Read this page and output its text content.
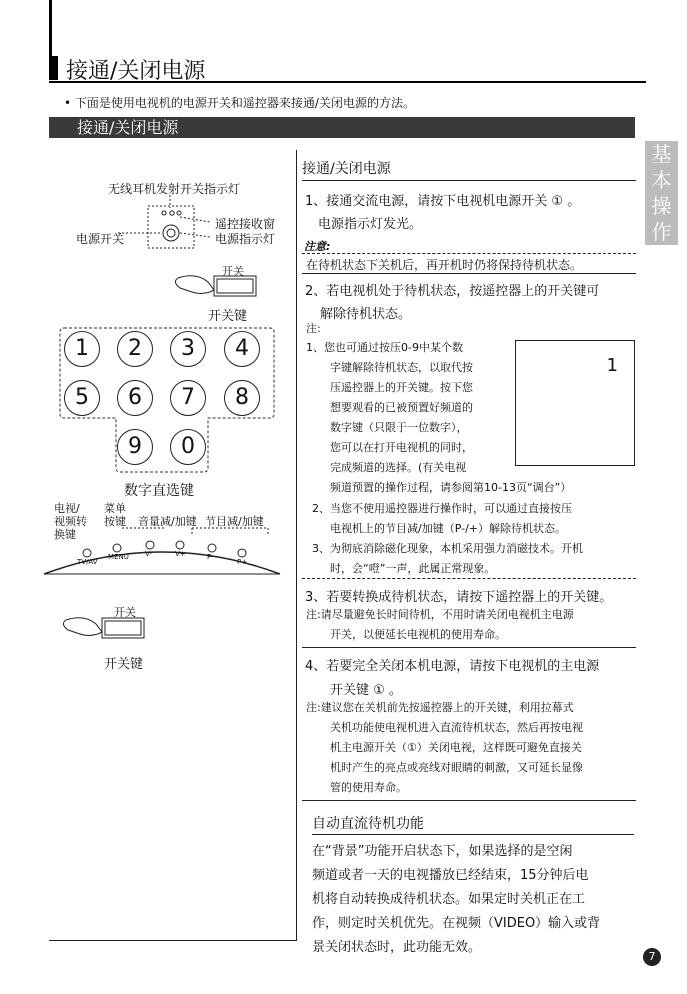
接通/关闭电源
• 下面是使用电视机的电源开关和遥控器来接通/关闭电源的方法。
接通/关闭电源
基
本
操
作
无线耳机发射开关指示灯
遥控接收窗
电源指示灯
电源开关
开关
开关键
1	2	3	4
5	6	7	8
9	0
数字直选键
电视/
视频转
换键
菜单
按键 音量减/加键 节目减/加键
TV/AV
MENU V-	V+	P-
P+
开关
开关键
接通/关闭电源
1、接通交流电源，请按下电视机电源开关 ① 。
电源指示灯发光。
注意:
在待机状态下关机后，再开机时仍将保持待机状态。
2、若电视机处于待机状态，按遥控器上的开关键可
解除待机状态。
注:
1、您也可通过按压0-9中某个数
字键解除待机状态，以取代按
压遥控器上的开关键。按下您
想要观看的已被预置好频道的
数字键（只限于一位数字），
您可以在打开电视机的同时，
完成频道的选择。(有关电视
频道预置的操作过程，请参阅第10-13页“调台”）
1
2、当您不使用遥控器进行操作时，可以通过直接按压
电视机上的节目减/加键（P-/+）解除待机状态。
3、为彻底消除磁化现象，本机采用强力消磁技术。开机
时，会“噔”一声，此属正常现象。
3、若要转换成待机状态，请按下遥控器上的开关键。
注:请尽量避免长时间待机，不用时请关闭电视机主电源
开关，以便延长电视机的使用寿命。
4、若要完全关闭本机电源，请按下电视机的主电源
开关键 ① 。
注:建议您在关机前先按遥控器上的开关键，利用拉幕式
关机功能使电视机进入直流待机状态，然后再按电视
机主电源开关（①）关闭电视，这样既可避免直接关
机时产生的亮点或亮线对眼睛的刺激，又可延长显像
管的使用寿命。
自动直流待机功能
在“背景”功能开启状态下，如果选择的是空闲
频道或者一天的电视播放已经结束，15分钟后电
机将自动转换成待机状态。如果定时关机正在工
作，则定时关机优先。在视频（VIDEO）输入或背
景关闭状态时，此功能无效。
7
